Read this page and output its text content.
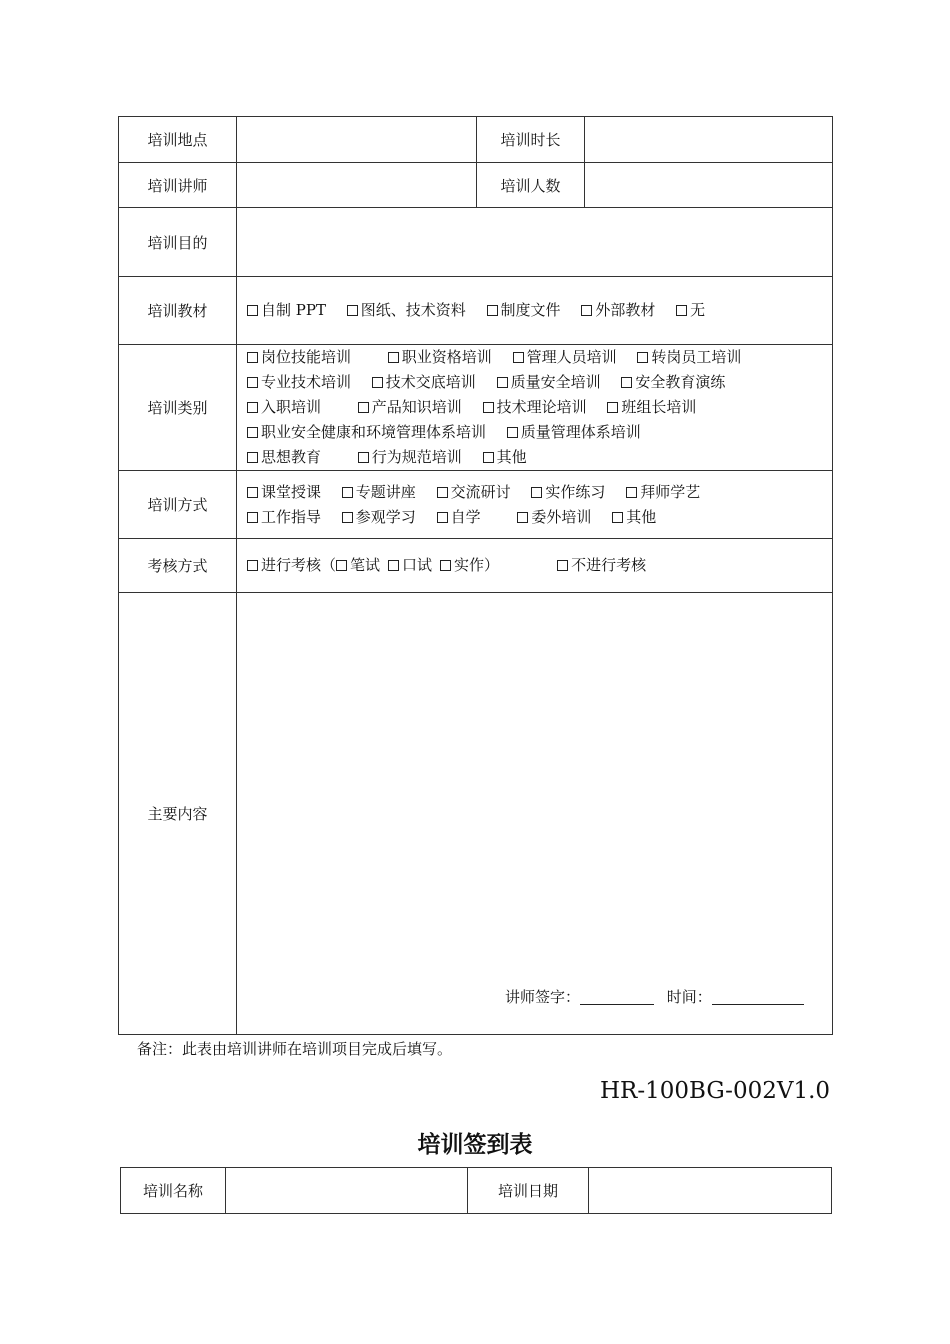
培训地点		培训时长	
培训讲师		培训人数	
培训目的			
培训教材	自制 PPT 图纸、技术资料 制度文件 外部教材 无		

培训类别	岗位技能培训 职业资格培训 管理人员培训 转岗员工培训
专业技术培训 技术交底培训 质量安全培训 安全教育演练
入职培训 产品知识培训 技术理论培训 班组长培训
职业安全健康和环境管理体系培训 质量管理体系培训
思想教育 行为规范培训 其他		

培训方式	课堂授课 专题讲座 交流研讨 实作练习 拜师学艺
工作指导 参观学习 自学 委外培训 其他		

考核方式	进行考核（ 笔试 口试 实作） 不进行考核		

主要内容			
讲师签字：	时间：
备注：此表由培训讲师在培训项目完成后填写。
HR-100BG-002V1.0
培训签到表
培训名称		培训日期	
